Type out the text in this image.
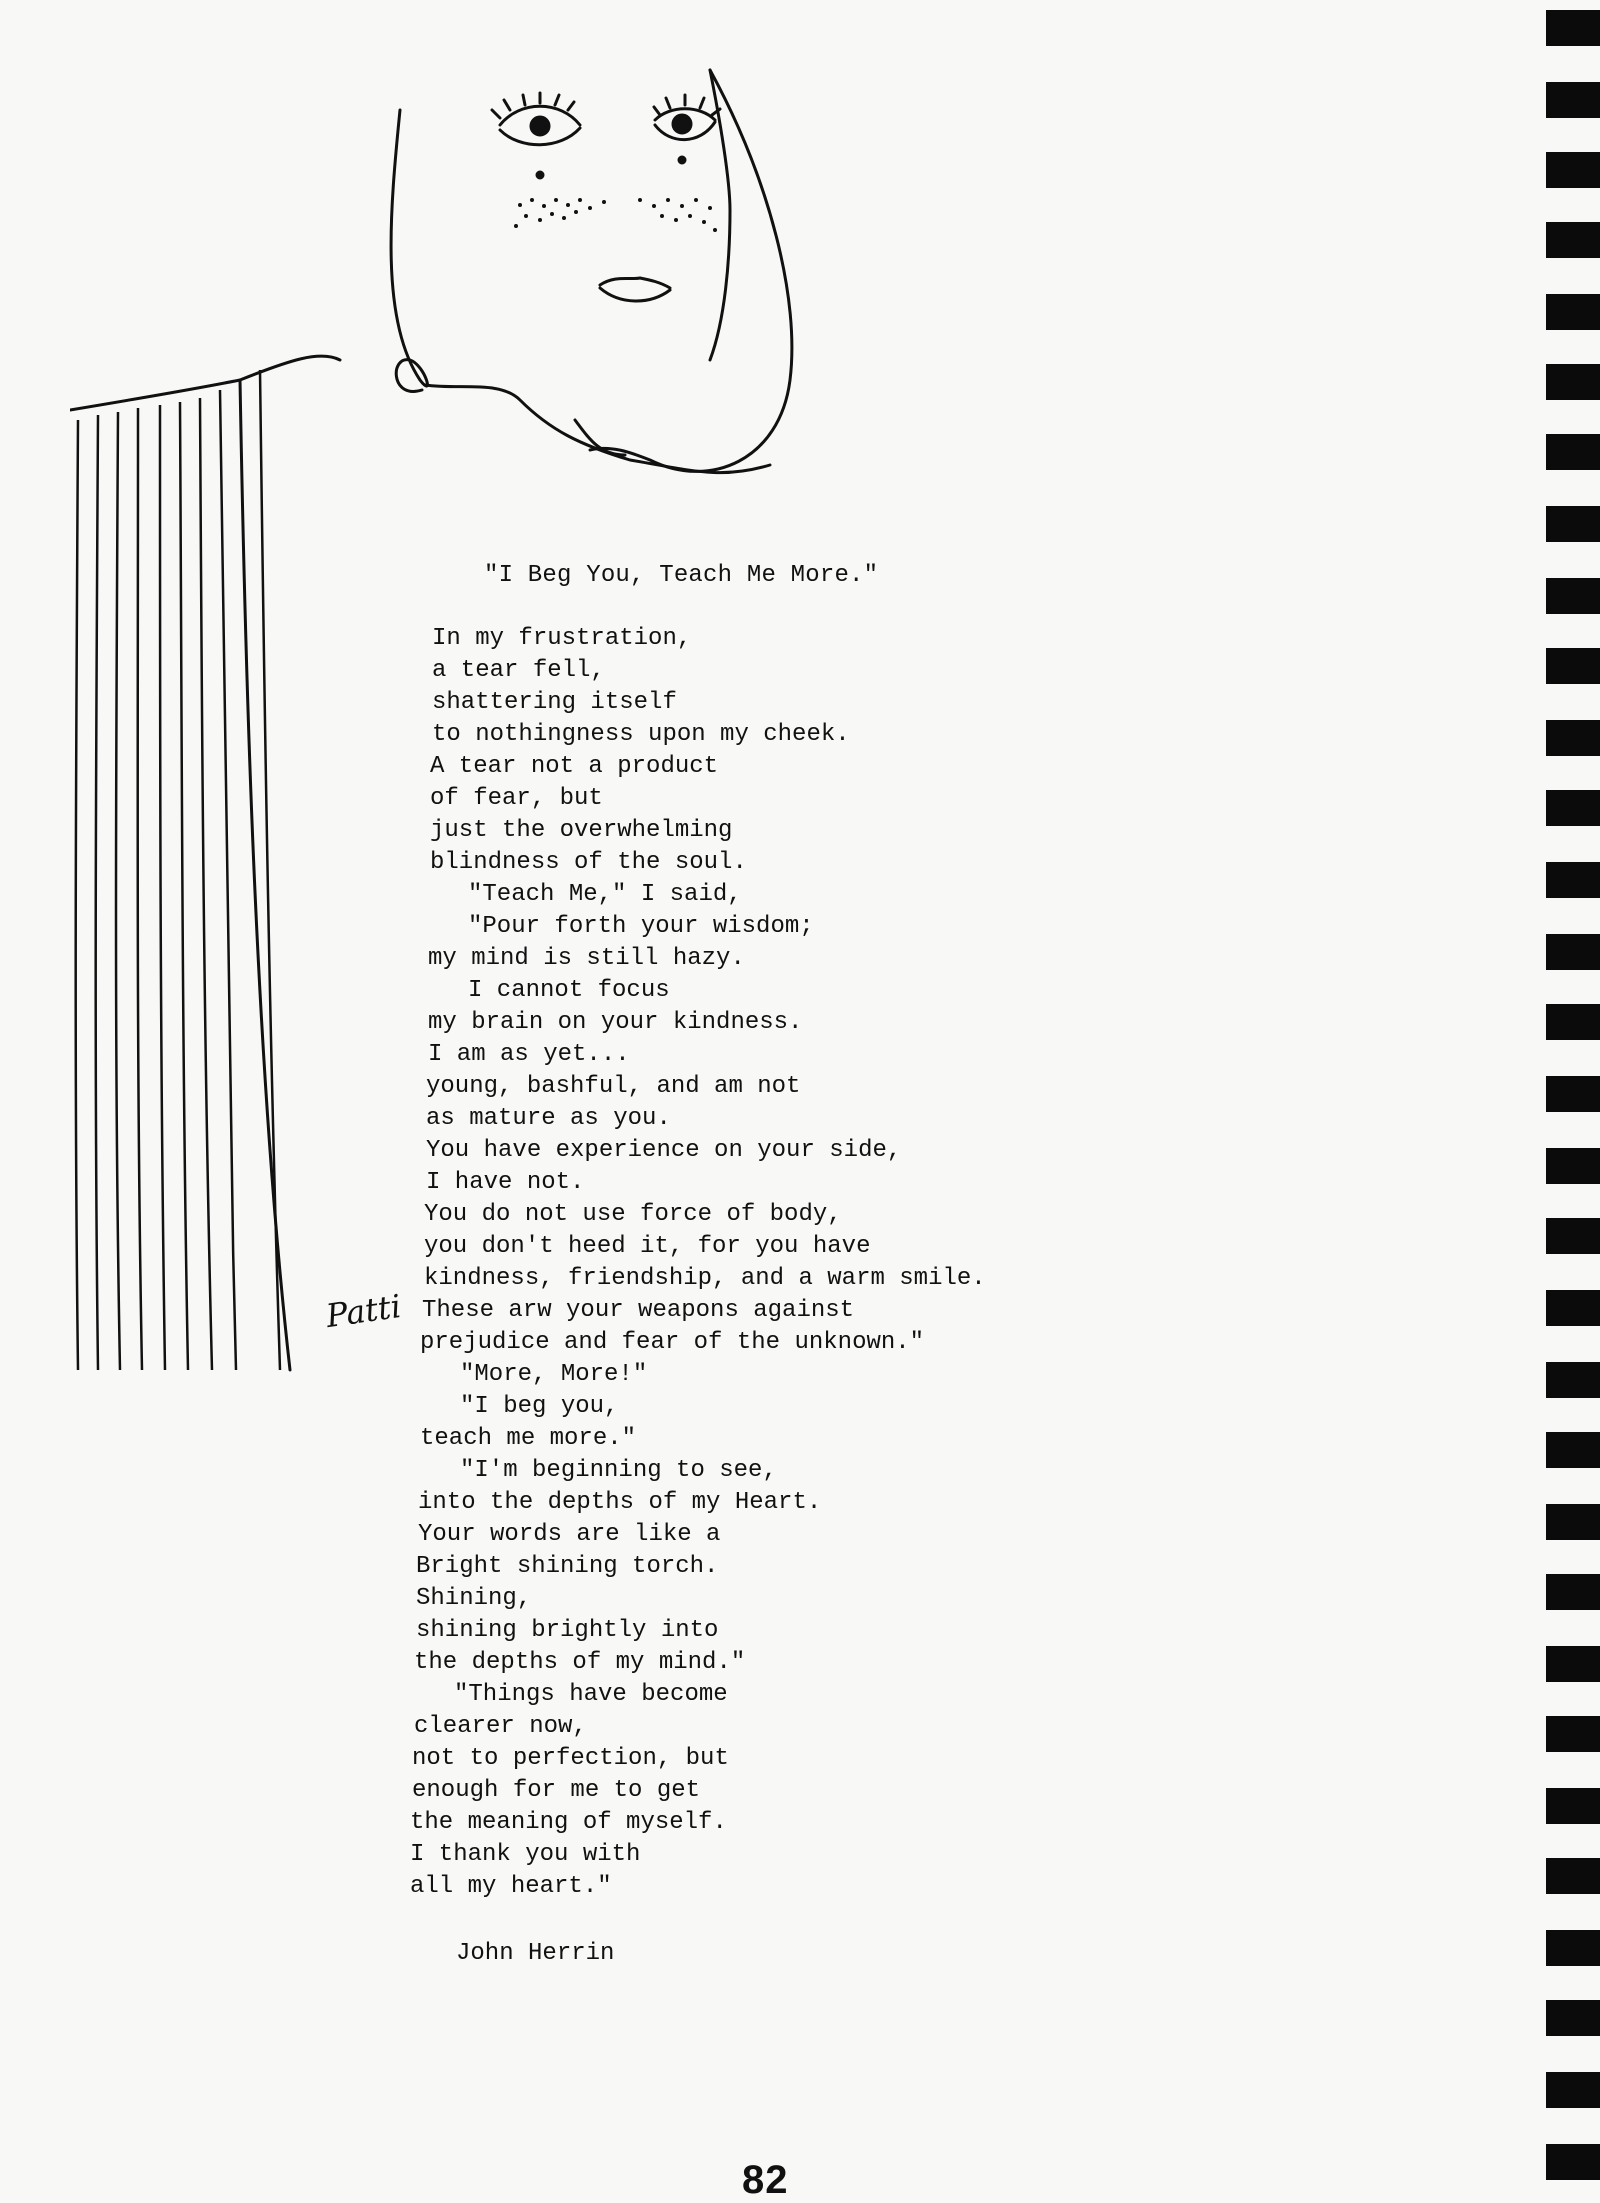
Patti
"I Beg You, Teach Me More."
In my frustration,
a tear fell,
shattering itself
to nothingness upon my cheek.
A tear not a product
of fear, but
just the overwhelming
blindness of the soul.
"Teach Me," I said,
"Pour forth your wisdom;
my mind is still hazy.
I cannot focus
my brain on your kindness.
I am as yet...
young, bashful, and am not
as mature as you.
You have experience on your side,
I have not.
You do not use force of body,
you don't heed it, for you have
kindness, friendship, and a warm smile.
These arw your weapons against
prejudice and fear of the unknown."
"More, More!"
"I beg you,
teach me more."
"I'm beginning to see,
into the depths of my Heart.
Your words are like a
Bright shining torch.
Shining,
shining brightly into
the depths of my mind."
"Things have become
clearer now,
not to perfection, but
enough for me to get
the meaning of myself.
I thank you with
all my heart."
John Herrin
82
